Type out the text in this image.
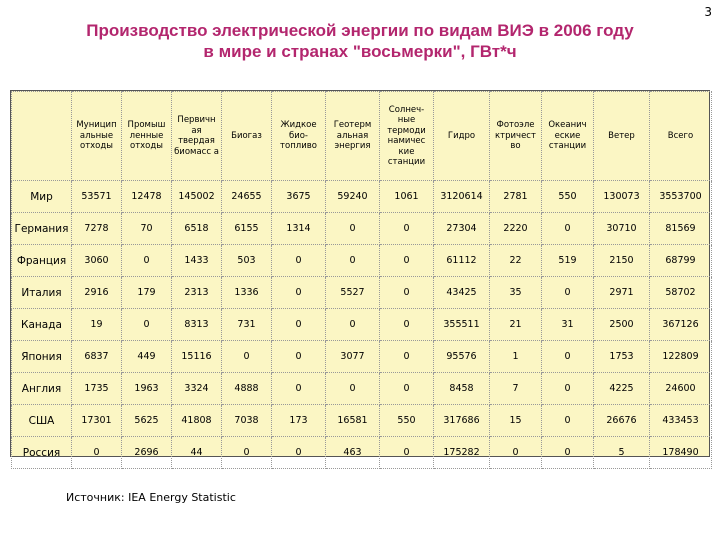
3
Производство электрической энергии по видам ВИЭ в 2006 году
в мире и странах "восьмерки", ГВт*ч
	Муницип альные отходы	Промыш ленные отходы	Первичн ая твердая биомасс а	Биогаз	Жидкое био- топливо	Геотерм альная энергия	Солнеч- ные термоди намичес кие станции	Гидро	Фотоэле ктричест во	Океанич еские станции	Ветер	Всего
Мир	53571	12478	145002	24655	3675	59240	1061	3120614	2781	550	130073	3553700
Германия	7278	70	6518	6155	1314	0	0	27304	2220	0	30710	81569
Франция	3060	0	1433	503	0	0	0	61112	22	519	2150	68799
Италия	2916	179	2313	1336	0	5527	0	43425	35	0	2971	58702
Канада	19	0	8313	731	0	0	0	355511	21	31	2500	367126
Япония	6837	449	15116	0	0	3077	0	95576	1	0	1753	122809
Англия	1735	1963	3324	4888	0	0	0	8458	7	0	4225	24600
США	17301	5625	41808	7038	173	16581	550	317686	15	0	26676	433453
Россия	0	2696	44	0	0	463	0	175282	0	0	5	178490
Источник: IEA Energy Statistic
